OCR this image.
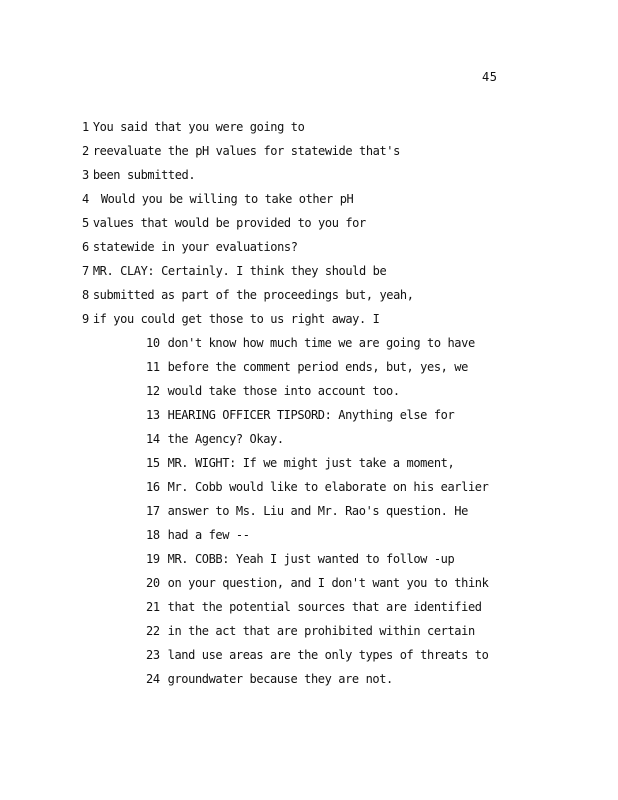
45
1 You said that you were going to
2 reevaluate the pH values for statewide that's
3 been submitted.
4 Would you be willing to take other pH
5 values that would be provided to you for
6 statewide in your evaluations?
7 MR. CLAY: Certainly. I think they should be
8 submitted as part of the proceedings but, yeah,
9 if you could get those to us right away. I
10 don't know how much time we are going to have
11 before the comment period ends, but, yes, we
12 would take those into account too.
13 HEARING OFFICER TIPSORD: Anything else for
14 the Agency? Okay.
15 MR. WIGHT: If we might just take a moment,
16 Mr. Cobb would like to elaborate on his earlier
17 answer to Ms. Liu and Mr. Rao's question. He
18 had a few --
19 MR. COBB: Yeah I just wanted to follow -up
20 on your question, and I don't want you to think
21 that the potential sources that are identified
22 in the act that are prohibited within certain
23 land use areas are the only types of threats to
24 groundwater because they are not.
